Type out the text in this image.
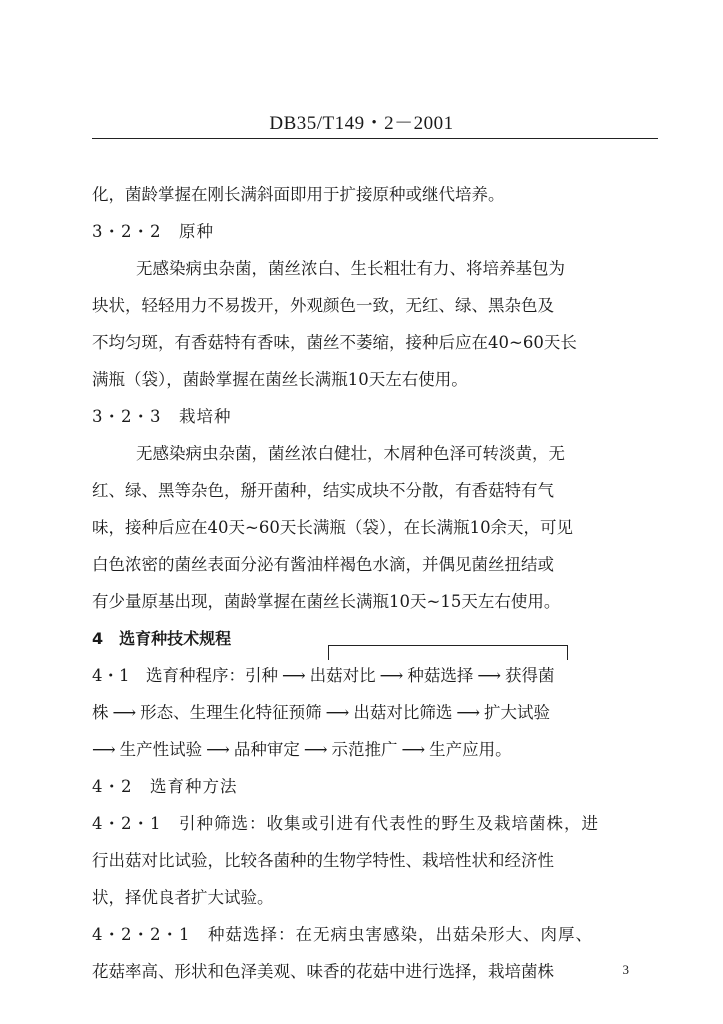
DB35/T149・2－2001
化，菌龄掌握在刚长满斜面即用于扩接原种或继代培养。
3・2・2　原种
无感染病虫杂菌，菌丝浓白、生长粗壮有力、将培养基包为
块状，轻轻用力不易拨开，外观颜色一致，无红、绿、黑杂色及
不均匀斑，有香菇特有香味，菌丝不萎缩，接种后应在40~60天长
满瓶（袋），菌龄掌握在菌丝长满瓶10天左右使用。
3・2・3　栽培种
无感染病虫杂菌，菌丝浓白健壮，木屑种色泽可转淡黄，无
红、绿、黑等杂色，掰开菌种，结实成块不分散，有香菇特有气
味，接种后应在40天~60天长满瓶（袋），在长满瓶10余天，可见
白色浓密的菌丝表面分泌有酱油样褐色水滴，并偶见菌丝扭结或
有少量原基出现，菌龄掌握在菌丝长满瓶10天~15天左右使用。
4　选育种技术规程
4・1　选育种程序：引种 ⟶ 出菇对比 ⟶ 种菇选择 ⟶ 获得菌
株 ⟶ 形态、生理生化特征预筛 ⟶ 出菇对比筛选 ⟶ 扩大试验
⟶ 生产性试验 ⟶ 品种审定 ⟶ 示范推广 ⟶ 生产应用。
4・2　选育种方法
4・2・1　引种筛选：收集或引进有代表性的野生及栽培菌株，进
行出菇对比试验，比较各菌种的生物学特性、栽培性状和经济性
状，择优良者扩大试验。
4・2・2・1　种菇选择：在无病虫害感染，出菇朵形大、肉厚、
花菇率高、形状和色泽美观、味香的花菇中进行选择，栽培菌株	3
